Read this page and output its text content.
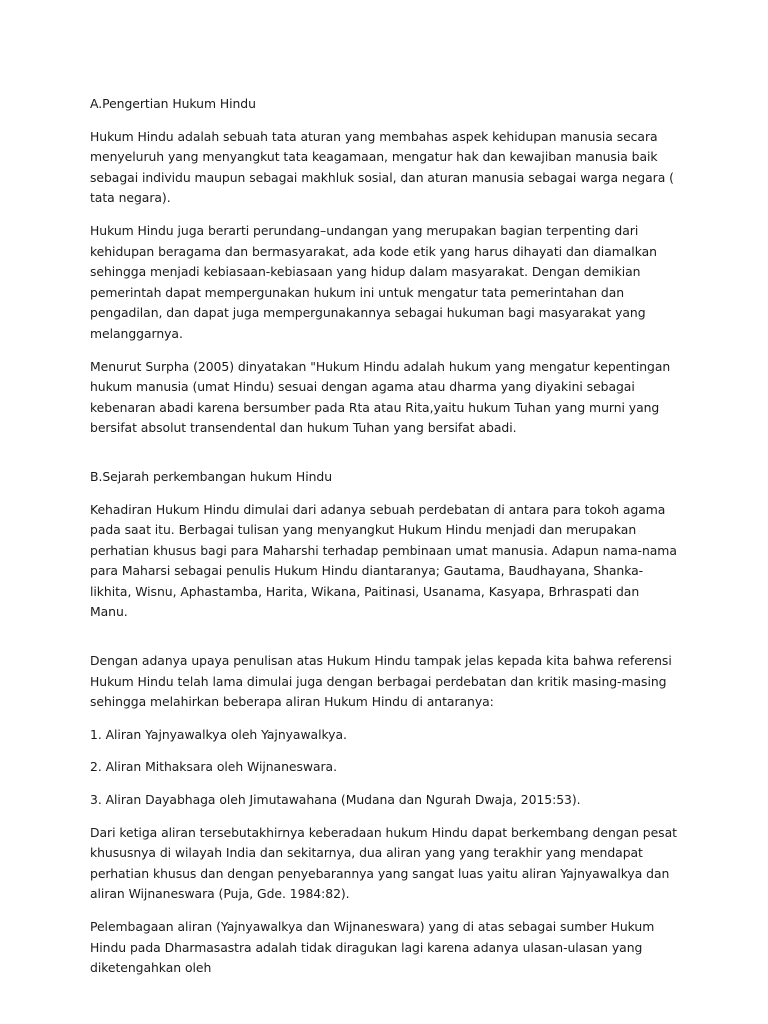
A.Pengertian Hukum Hindu

Hukum Hindu adalah sebuah tata aturan yang membahas aspek kehidupan manusia secara menyeluruh yang menyangkut tata keagamaan, mengatur hak dan kewajiban manusia baik sebagai individu maupun sebagai makhluk sosial, dan aturan manusia sebagai warga negara ( tata negara).

Hukum Hindu juga berarti perundang–undangan yang merupakan bagian terpenting dari kehidupan beragama dan bermasyarakat, ada kode etik yang harus dihayati dan diamalkan sehingga menjadi kebiasaan-kebiasaan yang hidup dalam masyarakat. Dengan demikian pemerintah dapat mempergunakan hukum ini untuk mengatur tata pemerintahan dan pengadilan, dan dapat juga mempergunakannya sebagai hukuman bagi masyarakat yang melanggarnya.

Menurut Surpha (2005) dinyatakan "Hukum Hindu adalah hukum yang mengatur kepentingan hukum manusia (umat Hindu) sesuai dengan agama atau dharma yang diyakini sebagai kebenaran abadi karena bersumber pada Rta atau Rita,yaitu hukum Tuhan yang murni yang bersifat absolut transendental dan hukum Tuhan yang bersifat abadi.

B.Sejarah perkembangan hukum Hindu

Kehadiran Hukum Hindu dimulai dari adanya sebuah perdebatan di antara para tokoh agama pada saat itu. Berbagai tulisan yang menyangkut Hukum Hindu menjadi dan merupakan perhatian khusus bagi para Maharshi terhadap pembinaan umat manusia. Adapun nama-nama para Maharsi sebagai penulis Hukum Hindu diantaranya; Gautama, Baudhayana, Shanka-likhita, Wisnu, Aphastamba, Harita, Wikana, Paitinasi, Usanama, Kasyapa, Brhraspati dan Manu.

Dengan adanya upaya penulisan atas Hukum Hindu tampak jelas kepada kita bahwa referensi Hukum Hindu telah lama dimulai juga dengan berbagai perdebatan dan kritik masing-masing sehingga melahirkan beberapa aliran Hukum Hindu di antaranya:

1. Aliran Yajnyawalkya oleh Yajnyawalkya.

2. Aliran Mithaksara oleh Wijnaneswara.

3. Aliran Dayabhaga oleh Jimutawahana (Mudana dan Ngurah Dwaja, 2015:53).

Dari ketiga aliran tersebutakhirnya keberadaan hukum Hindu dapat berkembang dengan pesat khususnya di wilayah India dan sekitarnya, dua aliran yang yang terakhir yang mendapat perhatian khusus dan dengan penyebarannya yang sangat luas yaitu aliran Yajnyawalkya dan aliran Wijnaneswara (Puja, Gde. 1984:82).

Pelembagaan aliran (Yajnyawalkya dan Wijnaneswara) yang di atas sebagai sumber Hukum Hindu pada Dharmasastra adalah tidak diragukan lagi karena adanya ulasan-ulasan yang diketengahkan oleh
